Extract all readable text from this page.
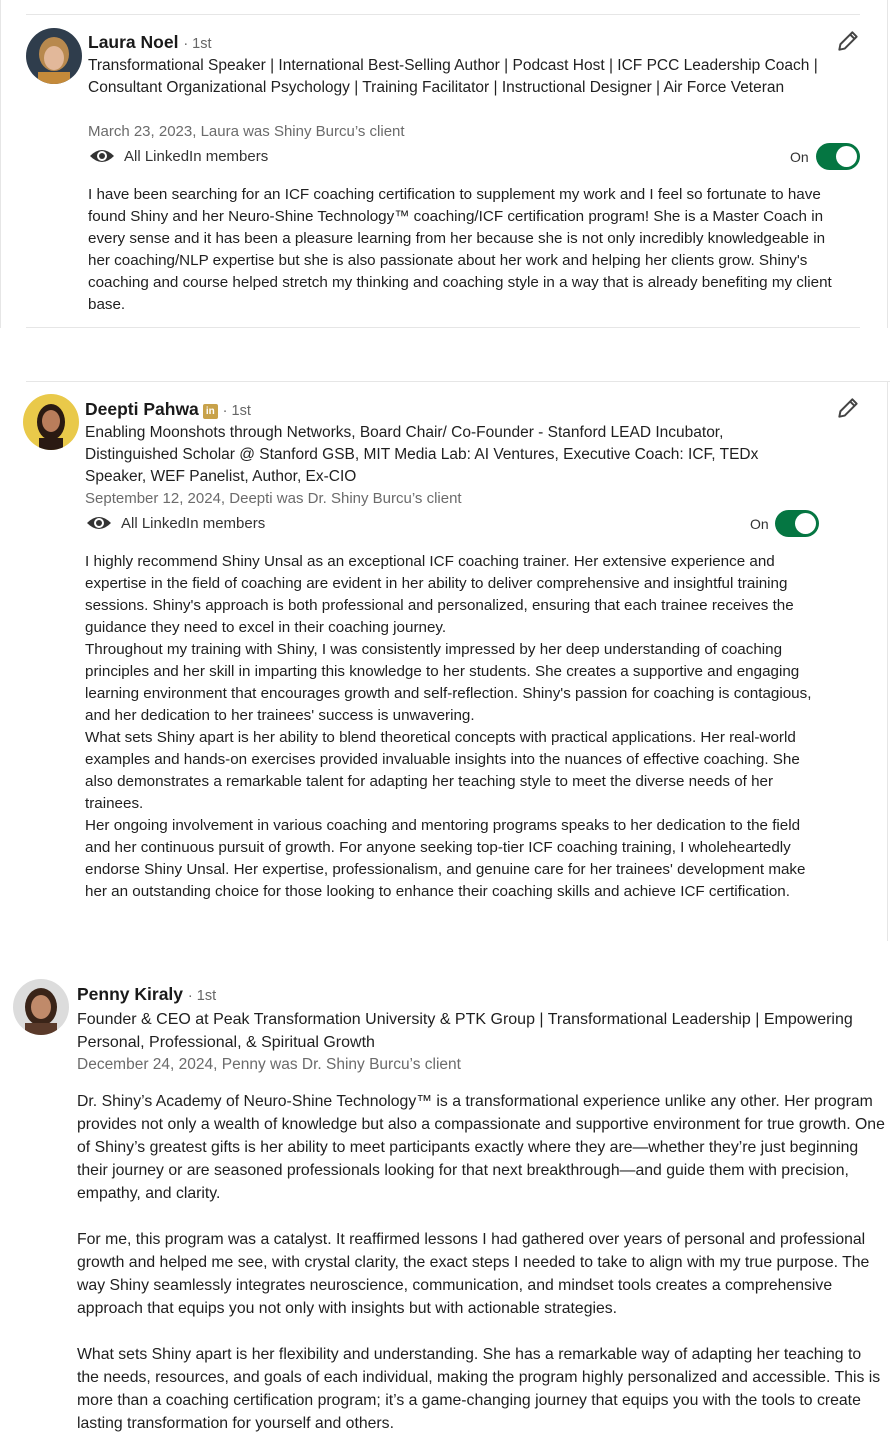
Laura Noel · 1st
Transformational Speaker | International Best-Selling Author | Podcast Host | ICF PCC Leadership Coach | Consultant Organizational Psychology | Training Facilitator | Instructional Designer | Air Force Veteran
March 23, 2023, Laura was Shiny Burcu’s client
All LinkedIn members	On

I have been searching for an ICF coaching certification to supplement my work and I feel so fortunate to have found Shiny and her Neuro-Shine Technology™ coaching/ICF certification program! She is a Master Coach in every sense and it has been a pleasure learning from her because she is not only incredibly knowledgeable in her coaching/NLP expertise but she is also passionate about her work and helping her clients grow. Shiny's coaching and course helped stretch my thinking and coaching style in a way that is already benefiting my client base.

Deepti Pahwa in · 1st
Enabling Moonshots through Networks, Board Chair/ Co-Founder - Stanford LEAD Incubator, Distinguished Scholar @ Stanford GSB, MIT Media Lab: AI Ventures, Executive Coach: ICF, TEDx Speaker, WEF Panelist, Author, Ex-CIO
September 12, 2024, Deepti was Dr. Shiny Burcu’s client
All LinkedIn members	On

I highly recommend Shiny Unsal as an exceptional ICF coaching trainer. Her extensive experience and expertise in the field of coaching are evident in her ability to deliver comprehensive and insightful training sessions. Shiny's approach is both professional and personalized, ensuring that each trainee receives the guidance they need to excel in their coaching journey.

Throughout my training with Shiny, I was consistently impressed by her deep understanding of coaching principles and her skill in imparting this knowledge to her students. She creates a supportive and engaging learning environment that encourages growth and self-reflection. Shiny's passion for coaching is contagious, and her dedication to her trainees' success is unwavering.

What sets Shiny apart is her ability to blend theoretical concepts with practical applications. Her real-world examples and hands-on exercises provided invaluable insights into the nuances of effective coaching. She also demonstrates a remarkable talent for adapting her teaching style to meet the diverse needs of her trainees.

Her ongoing involvement in various coaching and mentoring programs speaks to her dedication to the field and her continuous pursuit of growth. For anyone seeking top-tier ICF coaching training, I wholeheartedly endorse Shiny Unsal. Her expertise, professionalism, and genuine care for her trainees' development make her an outstanding choice for those looking to enhance their coaching skills and achieve ICF certification.

Penny Kiraly · 1st
Founder & CEO at Peak Transformation University & PTK Group | Transformational Leadership | Empowering Personal, Professional, & Spiritual Growth
December 24, 2024, Penny was Dr. Shiny Burcu’s client

Dr. Shiny’s Academy of Neuro-Shine Technology™ is a transformational experience unlike any other. Her program provides not only a wealth of knowledge but also a compassionate and supportive environment for true growth. One of Shiny’s greatest gifts is her ability to meet participants exactly where they are—whether they’re just beginning their journey or are seasoned professionals looking for that next breakthrough—and guide them with precision, empathy, and clarity.

For me, this program was a catalyst. It reaffirmed lessons I had gathered over years of personal and professional growth and helped me see, with crystal clarity, the exact steps I needed to take to align with my true purpose. The way Shiny seamlessly integrates neuroscience, communication, and mindset tools creates a comprehensive approach that equips you not only with insights but with actionable strategies.

What sets Shiny apart is her flexibility and understanding. She has a remarkable way of adapting her teaching to the needs, resources, and goals of each individual, making the program highly personalized and accessible. This is more than a coaching certification program; it’s a game-changing journey that equips you with the tools to create lasting transformation for yourself and others.
